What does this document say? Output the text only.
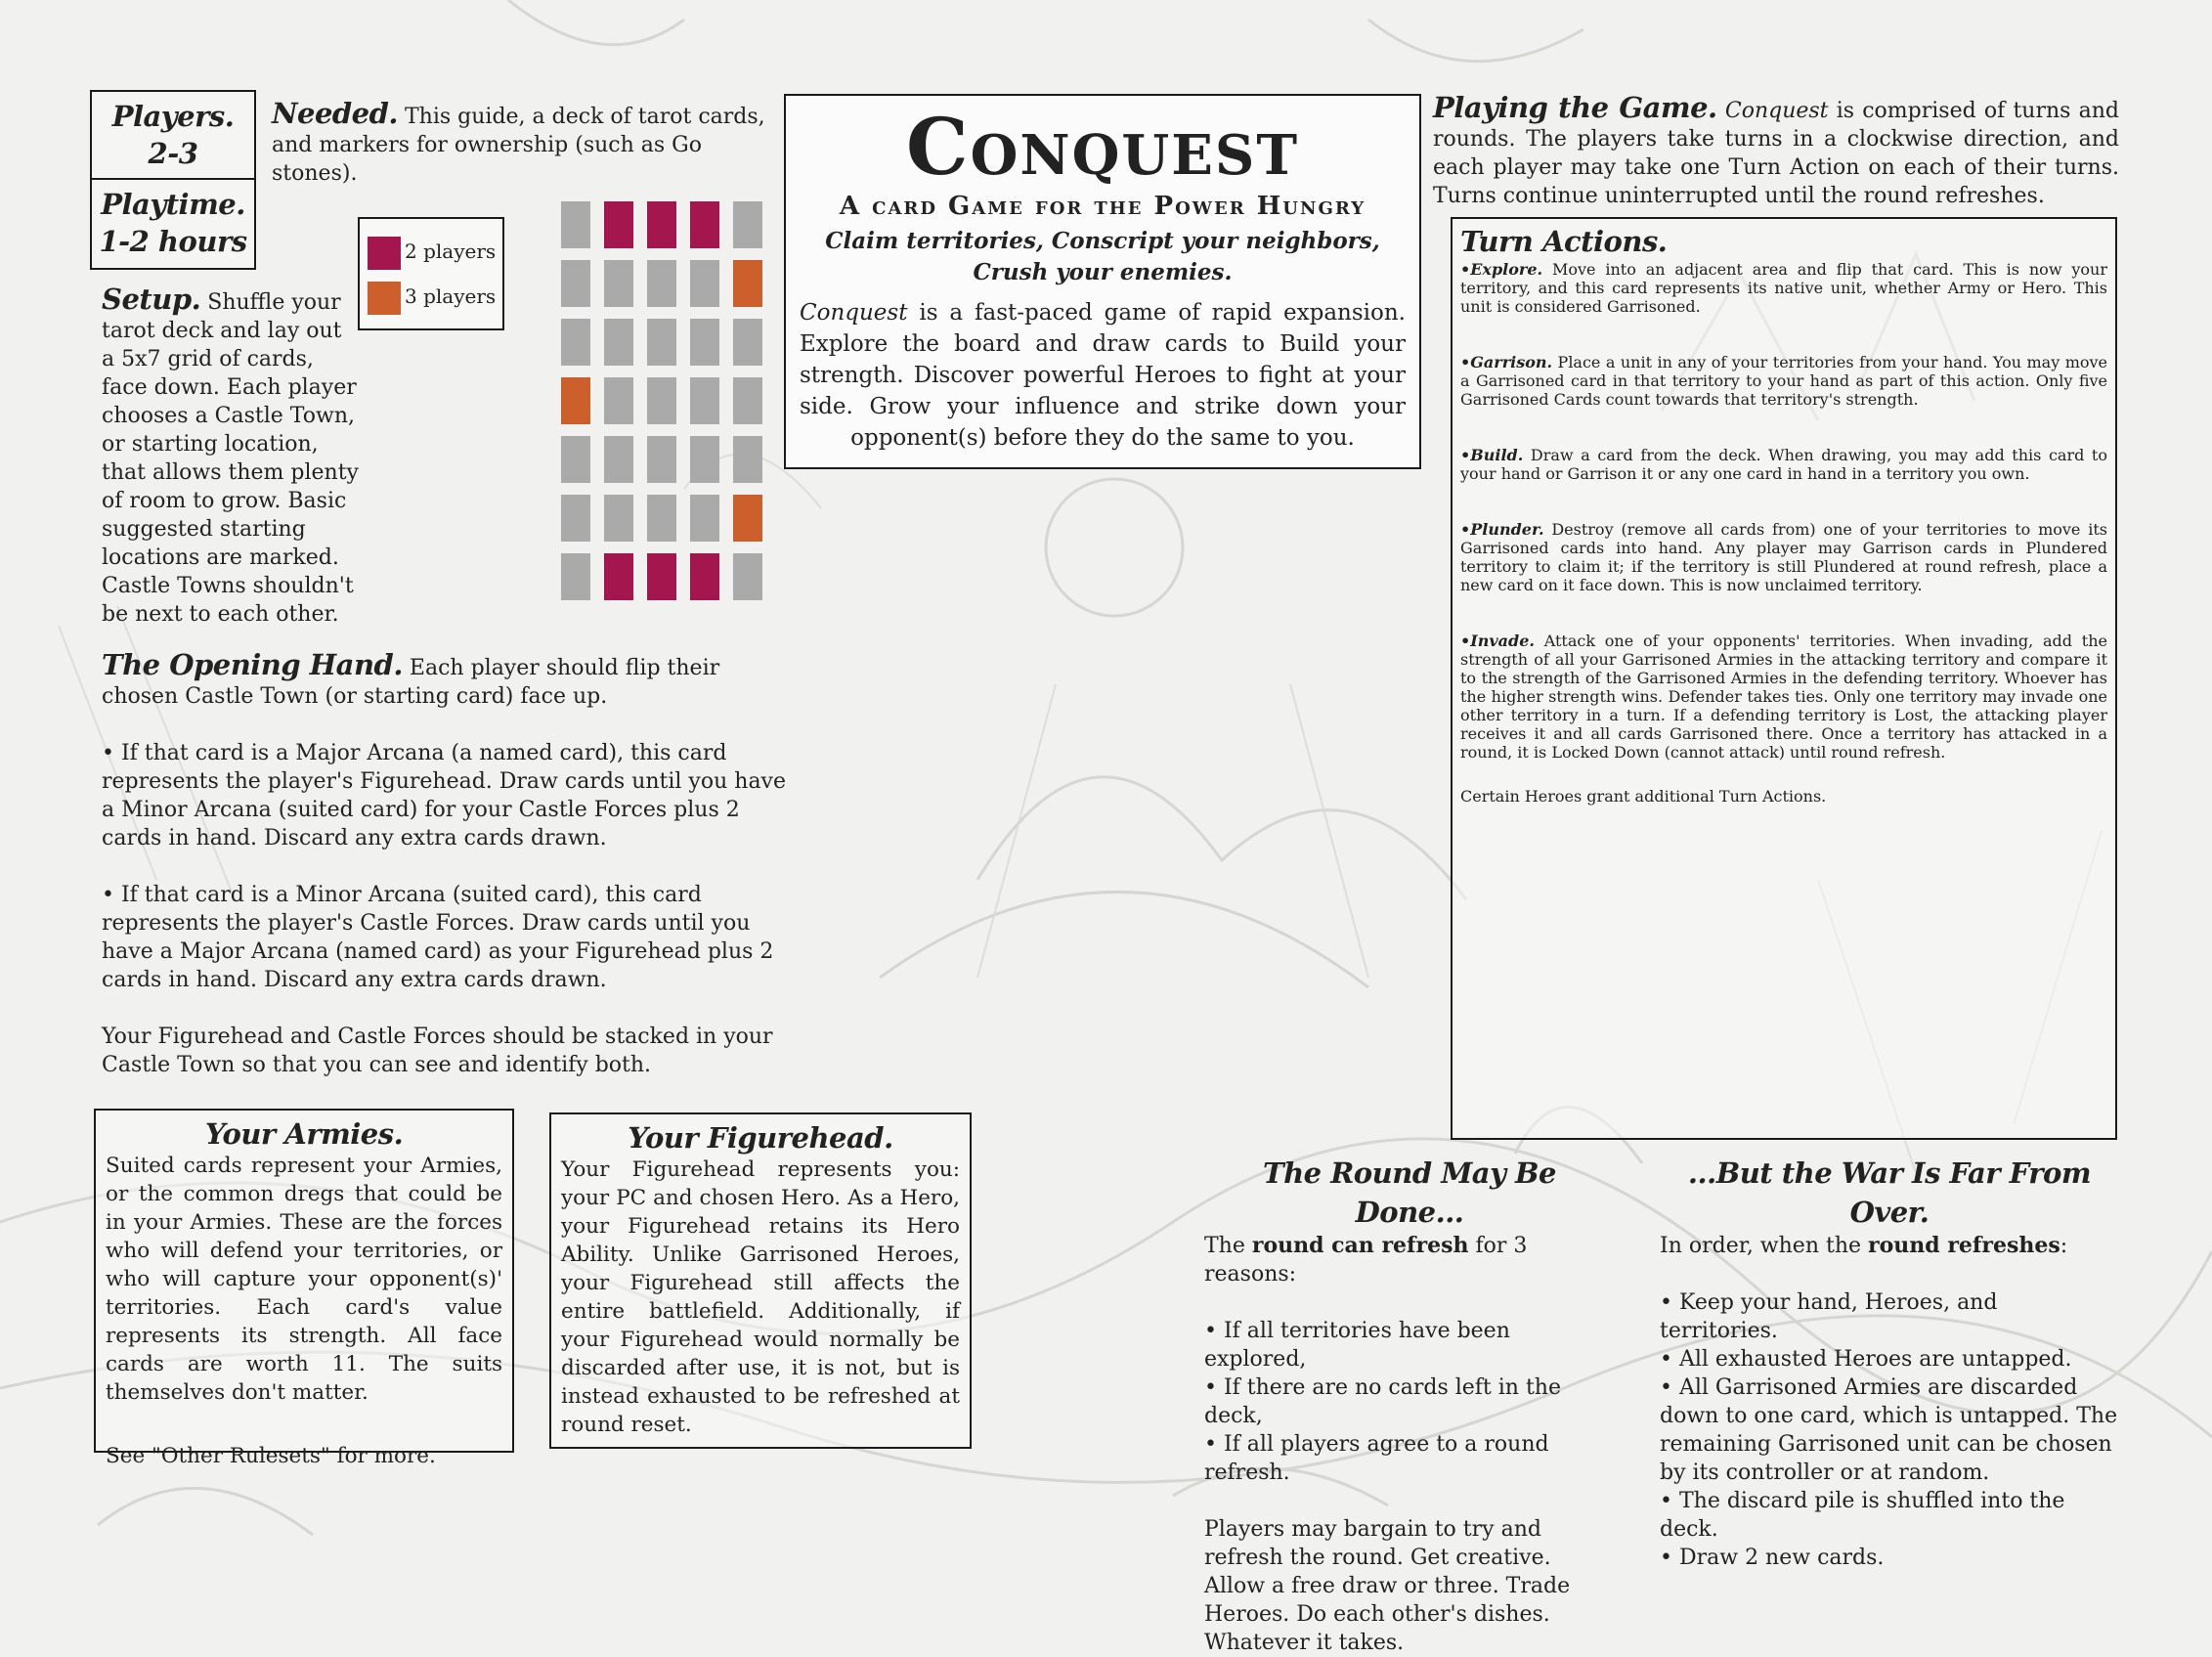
Players.
2-3
Playtime.
1-2 hours
Needed. This guide, a deck of tarot cards, and markers for ownership (such as Go stones).
2 players
3 players
Setup. Shuffle your
tarot deck and lay out
a 5x7 grid of cards,
face down. Each player
chooses a Castle Town,
or starting location,
that allows them plenty
of room to grow. Basic
suggested starting
locations are marked.
Castle Towns shouldn't
be next to each other.
Conquest
A card Game for the Power Hungry
Claim territories, Conscript your neighbors,
Crush your enemies.
Conquest is a fast-paced game of rapid expansion. Explore the board and draw cards to Build your strength. Discover powerful Heroes to fight at your side. Grow your influence and strike down your opponent(s) before they do the same to you.

The Opening Hand. Each player should flip their chosen Castle Town (or starting card) face up.

• If that card is a Major Arcana (a named card), this card represents the player's Figurehead. Draw cards until you have a Minor Arcana (suited card) for your Castle Forces plus 2 cards in hand. Discard any extra cards drawn.

• If that card is a Minor Arcana (suited card), this card represents the player's Castle Forces. Draw cards until you have a Major Arcana (named card) as your Figurehead plus 2 cards in hand. Discard any extra cards drawn.

Your Figurehead and Castle Forces should be stacked in your Castle Town so that you can see and identify both.

Your Armies.

Suited cards represent your Armies, or the common dregs that could be in your Armies. These are the forces who will defend your territories, or who will capture your opponent(s)' territories. Each card's value represents its strength. All face cards are worth 11. The suits themselves don't matter.

See "Other Rulesets" for more.

Your Figurehead.

Your Figurehead represents you: your PC and chosen Hero. As a Hero, your Figurehead retains its Hero Ability. Unlike Garrisoned Heroes, your Figurehead still affects the entire battlefield. Additionally, if your Figurehead would normally be discarded after use, it is not, but is instead exhausted to be refreshed at round reset.

Playing the Game. Conquest is comprised of turns and rounds. The players take turns in a clockwise direction, and each player may take one Turn Action on each of their turns. Turns continue uninterrupted until the round refreshes.
Turn Actions.

•Explore. Move into an adjacent area and flip that card. This is now your territory, and this card represents its native unit, whether Army or Hero. This unit is considered Garrisoned.

•Garrison. Place a unit in any of your territories from your hand. You may move a Garrisoned card in that territory to your hand as part of this action. Only five Garrisoned Cards count towards that territory's strength.

•Build. Draw a card from the deck. When drawing, you may add this card to your hand or Garrison it or any one card in hand in a territory you own.

•Plunder. Destroy (remove all cards from) one of your territories to move its Garrisoned cards into hand. Any player may Garrison cards in Plundered territory to claim it; if the territory is still Plundered at round refresh, place a new card on it face down. This is now unclaimed territory.

•Invade. Attack one of your opponents' territories. When invading, add the strength of all your Garrisoned Armies in the attacking territory and compare it to the strength of the Garrisoned Armies in the defending territory. Whoever has the higher strength wins. Defender takes ties. Only one territory may invade one other territory in a turn. If a defending territory is Lost, the attacking player receives it and all cards Garrisoned there. Once a territory has attacked in a round, it is Locked Down (cannot attack) until round refresh.

Certain Heroes grant additional Turn Actions.

The Round May Be Done...

The round can refresh for 3 reasons:

• If all territories have been explored,

• If there are no cards left in the deck,

• If all players agree to a round refresh.

Players may bargain to try and refresh the round. Get creative. Allow a free draw or three. Trade Heroes. Do each other's dishes. Whatever it takes.

...But the War Is Far From Over.

In order, when the round refreshes:

• Keep your hand, Heroes, and territories.

• All exhausted Heroes are untapped.

• All Garrisoned Armies are discarded down to one card, which is untapped. The remaining Garrisoned unit can be chosen by its controller or at random.

• The discard pile is shuffled into the deck.

• Draw 2 new cards.
